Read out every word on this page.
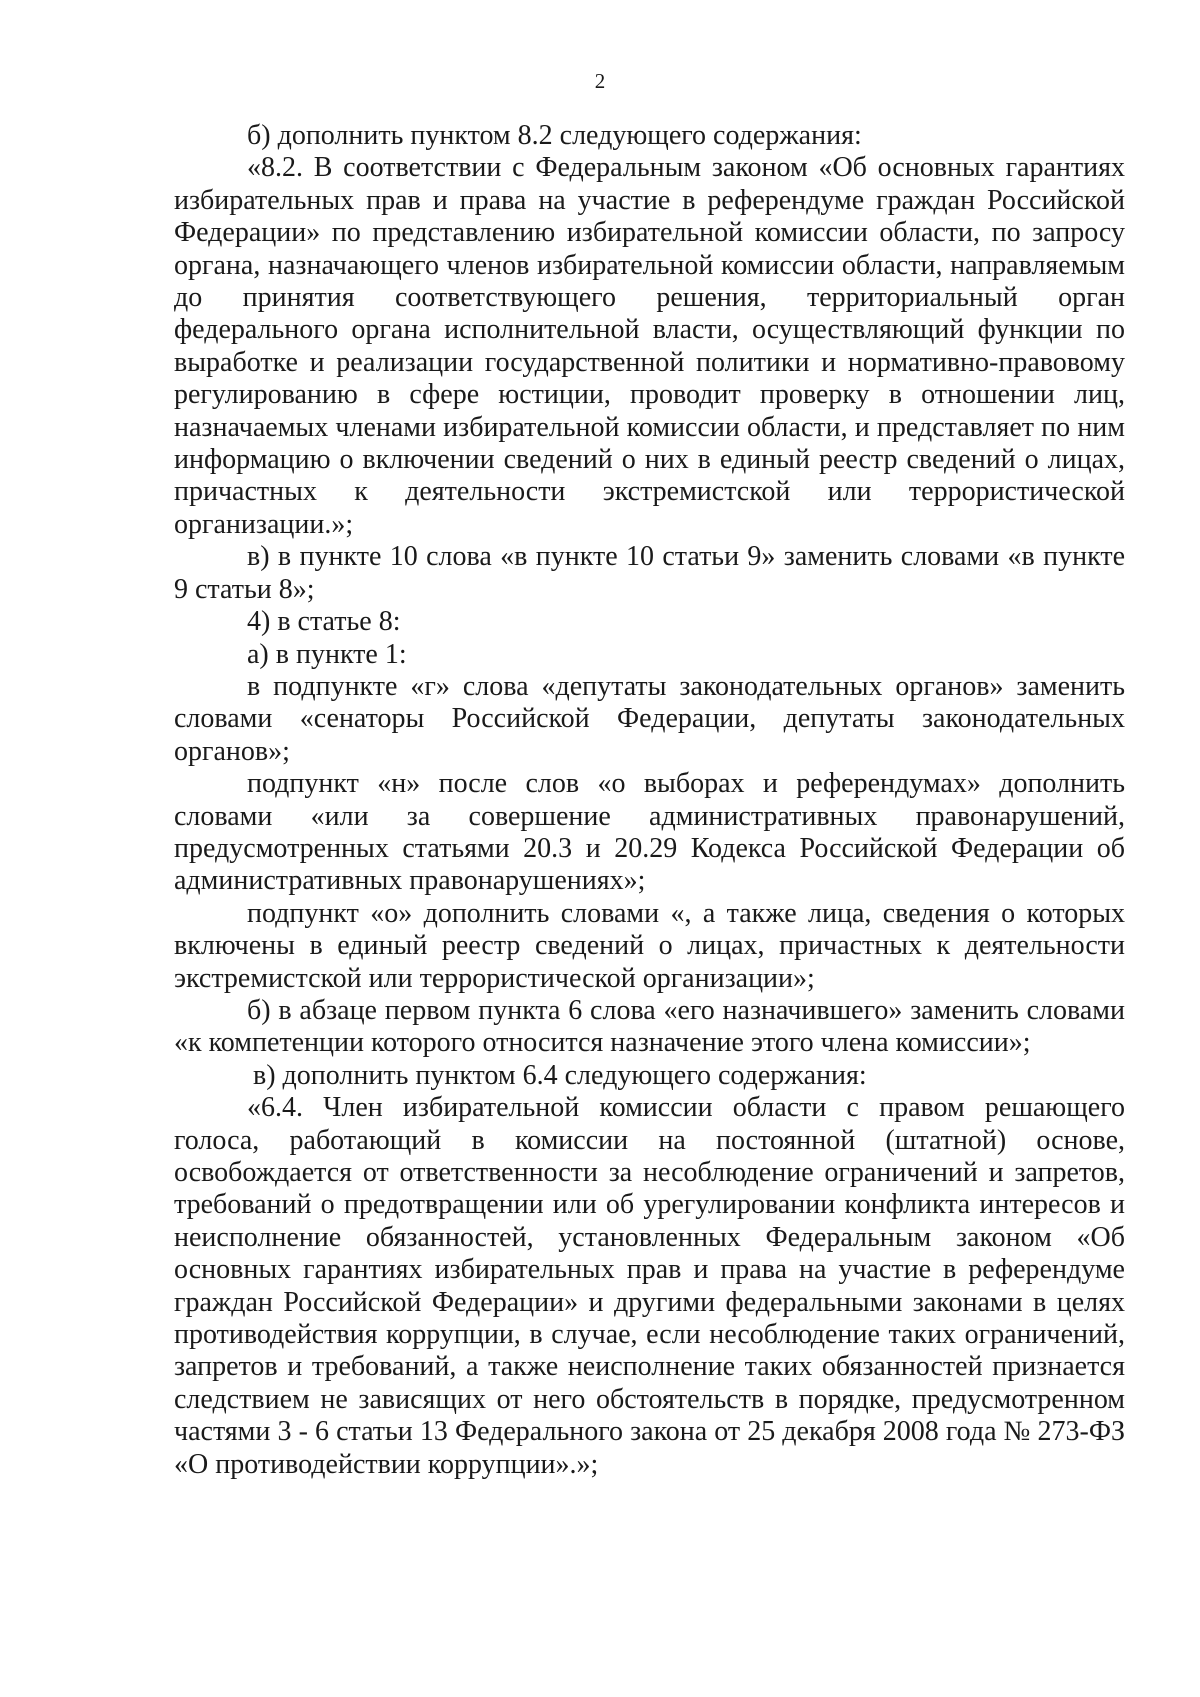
2

б) дополнить пунктом 8.2 следующего содержания:

«8.2. В соответствии с Федеральным законом «Об основных гарантиях избирательных прав и права на участие в референдуме граждан Российской Федерации» по представлению избирательной комиссии области, по запросу органа, назначающего членов избирательной комиссии области, направляемым до принятия соответствующего решения, территориальный орган федерального органа исполнительной власти, осуществляющий функции по выработке и реализации государственной политики и нормативно-правовому регулированию в сфере юстиции, проводит проверку в отношении лиц, назначаемых членами избирательной комиссии области, и представляет по ним информацию о включении сведений о них в единый реестр сведений о лицах, причастных к деятельности экстремистской или террористической организации.»;

в) в пункте 10 слова «в пункте 10 статьи 9» заменить словами «в пункте 9 статьи 8»;

4) в статье 8:

а) в пункте 1:

в подпункте «г» слова «депутаты законодательных органов» заменить словами «сенаторы Российской Федерации, депутаты законодательных органов»;

подпункт «н» после слов «о выборах и референдумах» дополнить словами «или за совершение административных правонарушений, предусмотренных статьями 20.3 и 20.29 Кодекса Российской Федерации об административных правонарушениях»;

подпункт «о» дополнить словами «, а также лица, сведения о которых включены в единый реестр сведений о лицах, причастных к деятельности экстремистской или террористической организации»;

б) в абзаце первом пункта 6 слова «его назначившего» заменить словами «к компетенции которого относится назначение этого члена комиссии»;

в) дополнить пунктом 6.4 следующего содержания:

«6.4. Член избирательной комиссии области с правом решающего голоса, работающий в комиссии на постоянной (штатной) основе, освобождается от ответственности за несоблюдение ограничений и запретов, требований о предотвращении или об урегулировании конфликта интересов и неисполнение обязанностей, установленных Федеральным законом «Об основных гарантиях избирательных прав и права на участие в референдуме граждан Российской Федерации» и другими федеральными законами в целях противодействия коррупции, в случае, если несоблюдение таких ограничений, запретов и требований, а также неисполнение таких обязанностей признается следствием не зависящих от него обстоятельств в порядке, предусмотренном частями 3 - 6 статьи 13 Федерального закона от 25 декабря 2008 года № 273-ФЗ «О противодействии коррупции».»;
